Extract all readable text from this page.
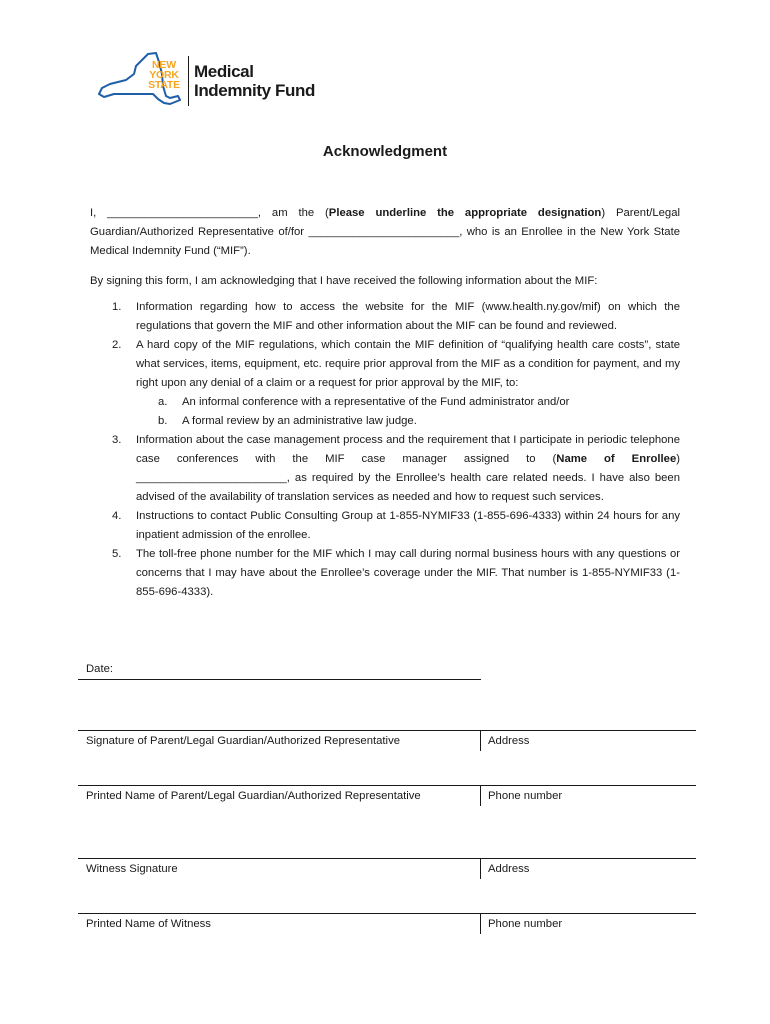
NEW
YORK
STATE
Medical
Indemnity Fund
Acknowledgment
I, ________________________, am the (Please underline the appropriate designation) Parent/Legal Guardian/Authorized Representative of/for ________________________, who is an Enrollee in the New York State Medical Indemnity Fund (“MIF”).
By signing this form, I am acknowledging that I have received the following information about the MIF:
1. Information regarding how to access the website for the MIF (www.health.ny.gov/mif) on which the regulations that govern the MIF and other information about the MIF can be found and reviewed.
2. A hard copy of the MIF regulations, which contain the MIF definition of “qualifying health care costs”, state what services, items, equipment, etc. require prior approval from the MIF as a condition for payment, and my right upon any denial of a claim or a request for prior approval by the MIF, to:
a. An informal conference with a representative of the Fund administrator and/or
b. A formal review by an administrative law judge.
3. Information about the case management process and the requirement that I participate in periodic telephone case conferences with the MIF case manager assigned to (Name of Enrollee) ________________________, as required by the Enrollee’s health care related needs. I have also been advised of the availability of translation services as needed and how to request such services.
4. Instructions to contact Public Consulting Group at 1-855-NYMIF33 (1-855-696-4333) within 24 hours for any inpatient admission of the enrollee.
5. The toll-free phone number for the MIF which I may call during normal business hours with any questions or concerns that I may have about the Enrollee’s coverage under the MIF. That number is 1-855-NYMIF33 (1-855-696-4333).
Date:
Signature of Parent/Legal Guardian/Authorized Representative	Address
Printed Name of Parent/Legal Guardian/Authorized Representative	Phone number
Witness Signature	Address
Printed Name of Witness	Phone number
